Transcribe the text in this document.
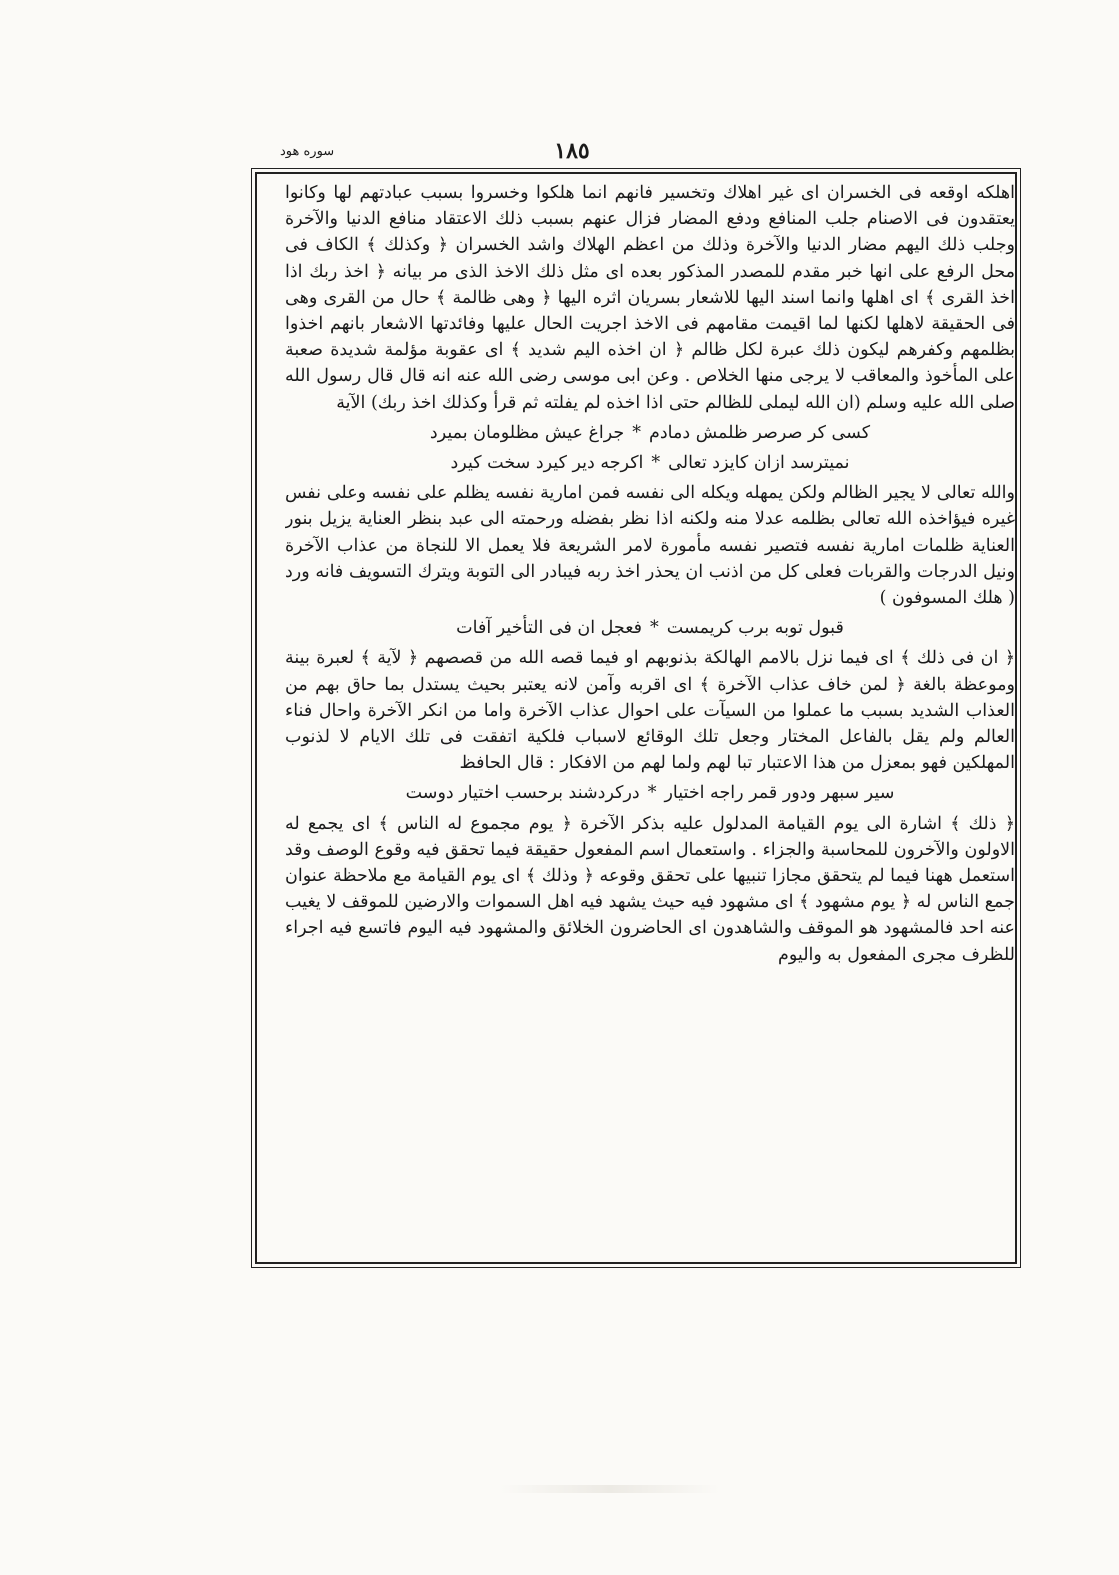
١٨٥
سوره هود

اهلكه اوقعه فى الخسران اى غير اهلاك وتخسير فانهم انما هلكوا وخسروا بسبب عبادتهم لها وكانوا يعتقدون فى الاصنام جلب المنافع ودفع المضار فزال عنهم بسبب ذلك الاعتقاد منافع الدنيا والآخرة وجلب ذلك اليهم مضار الدنيا والآخرة وذلك من اعظم الهلاك واشد الخسران ﴿ وكذلك ﴾ الكاف فى محل الرفع على انها خبر مقدم للمصدر المذكور بعده اى مثل ذلك الاخذ الذى مر بيانه ﴿ اخذ ربك اذا اخذ القرى ﴾ اى اهلها وانما اسند اليها للاشعار بسريان اثره اليها ﴿ وهى ظالمة ﴾ حال من القرى وهى فى الحقيقة لاهلها لكنها لما اقيمت مقامهم فى الاخذ اجريت الحال عليها وفائدتها الاشعار بانهم اخذوا بظلمهم وكفرهم ليكون ذلك عبرة لكل ظالم ﴿ ان اخذه اليم شديد ﴾ اى عقوبة مؤلمة شديدة صعبة على المأخوذ والمعاقب لا يرجى منها الخلاص . وعن ابى موسى رضى الله عنه انه قال قال رسول الله صلى الله عليه وسلم (ان الله ليملى للظالم حتى اذا اخذه لم يفلته ثم قرأ وكذلك اخذ ربك) الآية

كسى كر صرصر ظلمش دمادم*جراغ عيش مظلومان بميرد

نميترسد ازان كايزد تعالى*اكرجه دير كيرد سخت كيرد

والله تعالى لا يجير الظالم ولكن يمهله ويكله الى نفسه فمن امارية نفسه يظلم على نفسه وعلى نفس غيره فيؤاخذه الله تعالى بظلمه عدلا منه ولكنه اذا نظر بفضله ورحمته الى عبد بنظر العناية يزيل بنور العناية ظلمات امارية نفسه فتصير نفسه مأمورة لامر الشريعة فلا يعمل الا للنجاة من عذاب الآخرة ونيل الدرجات والقربات فعلى كل من اذنب ان يحذر اخذ ربه فيبادر الى التوبة ويترك التسويف فانه ورد ( هلك المسوفون )

قبول توبه برب كريمست*فعجل ان فى التأخير آفات

﴿ ان فى ذلك ﴾ اى فيما نزل بالامم الهالكة بذنوبهم او فيما قصه الله من قصصهم ﴿ لآية ﴾ لعبرة بينة وموعظة بالغة ﴿ لمن خاف عذاب الآخرة ﴾ اى اقربه وآمن لانه يعتبر بحيث يستدل بما حاق بهم من العذاب الشديد بسبب ما عملوا من السيآت على احوال عذاب الآخرة واما من انكر الآخرة واحال فناء العالم ولم يقل بالفاعل المختار وجعل تلك الوقائع لاسباب فلكية اتفقت فى تلك الايام لا لذنوب المهلكين فهو بمعزل من هذا الاعتبار تبا لهم ولما لهم من الافكار : قال الحافظ

سير سبهر ودور قمر راجه اختيار*دركردشند برحسب اختيار دوست

﴿ ذلك ﴾ اشارة الى يوم القيامة المدلول عليه بذكر الآخرة ﴿ يوم مجموع له الناس ﴾ اى يجمع له الاولون والآخرون للمحاسبة والجزاء . واستعمال اسم المفعول حقيقة فيما تحقق فيه وقوع الوصف وقد استعمل ههنا فيما لم يتحقق مجازا تنبيها على تحقق وقوعه ﴿ وذلك ﴾ اى يوم القيامة مع ملاحظة عنوان جمع الناس له ﴿ يوم مشهود ﴾ اى مشهود فيه حيث يشهد فيه اهل السموات والارضين للموقف لا يغيب عنه احد فالمشهود هو الموقف والشاهدون اى الحاضرون الخلائق والمشهود فيه اليوم فاتسع فيه اجراء للظرف مجرى المفعول به واليوم
